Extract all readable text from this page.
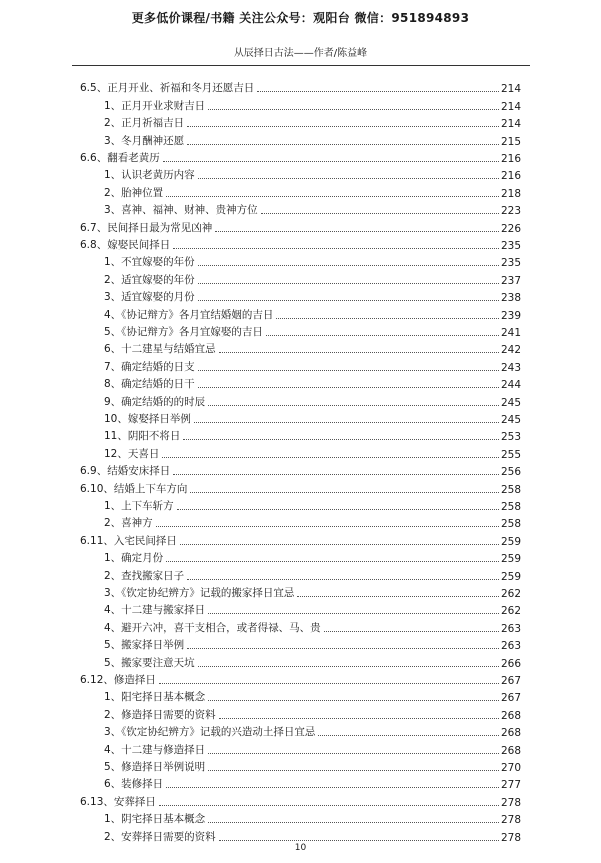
更多低价课程/书籍 关注公众号：观阳台 微信：951894893
从辰择日古法——作者/陈益峰
6.5、正月开业、祈福和冬月还愿吉日	214
1、正月开业求财吉日	214
2、正月祈福吉日	214
3、冬月酬神还愿	215
6.6、翻看老黄历	216
1、认识老黄历内容	216
2、胎神位置	218
3、喜神、福神、财神、贵神方位	223
6.7、民间择日最为常见凶神	226
6.8、嫁娶民间择日	235
1、不宜嫁娶的年份	235
2、适宜嫁娶的年份	237
3、适宜嫁娶的月份	238
4、《协记辩方》各月宜结婚姻的吉日	239
5、《协记辩方》各月宜嫁娶的吉日	241
6、十二建星与结婚宜忌	242
7、确定结婚的日支	243
8、确定结婚的日干	244
9、确定结婚的的时辰	245
10、嫁娶择日举例	245
11、阴阳不将日	253
12、天喜日	255
6.9、结婚安床择日	256
6.10、结婚上下车方向	258
1、上下车斩方	258
2、喜神方	258
6.11、入宅民间择日	259
1、确定月份	259
2、查找搬家日子	259
3、《钦定协纪辨方》记载的搬家择日宜忌	262
4、十二建与搬家择日	262
4、避开六冲，喜干支相合，或者得禄、马、贵	263
5、搬家择日举例	263
5、搬家要注意天坑	266
6.12、修造择日	267
1、阳宅择日基本概念	267
2、修造择日需要的资料	268
3、《钦定协纪辨方》记载的兴造动土择日宜忌	268
4、十二建与修造择日	268
5、修造择日举例说明	270
6、装修择日	277
6.13、安葬择日	278
1、阴宅择日基本概念	278
2、安葬择日需要的资料	278
10
